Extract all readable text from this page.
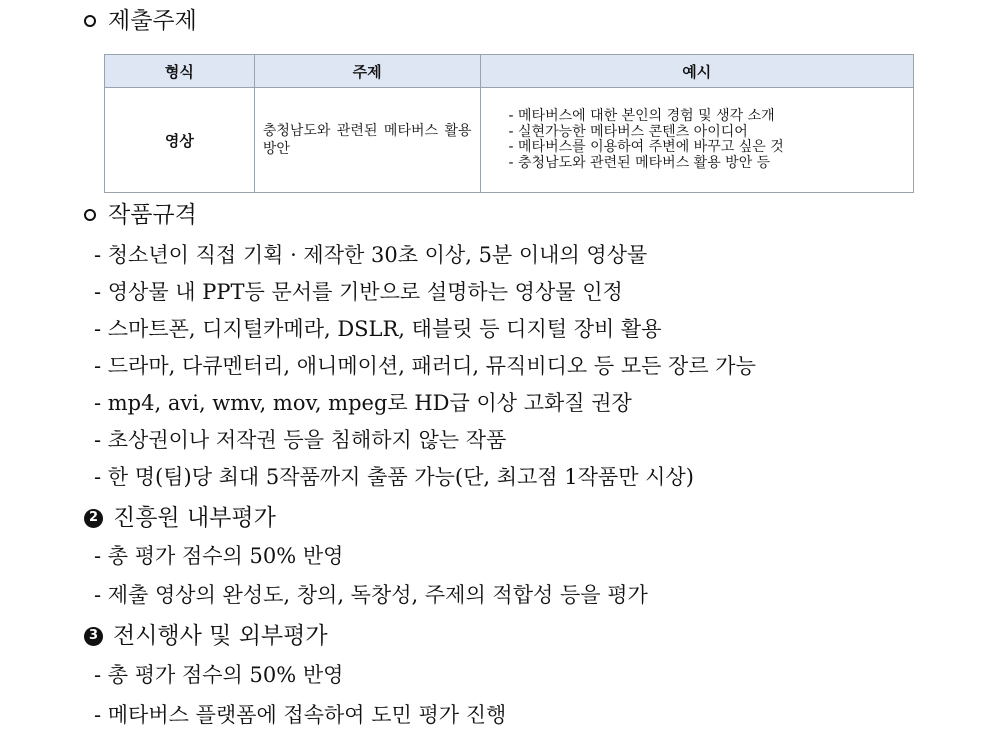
제출주제
형식	주제	예시
영상	충청남도와 관련된 메타버스 활용 방안	- 메타버스에 대한 본인의 경험 및 생각 소개
- 실현가능한 메타버스 콘텐츠 아이디어
- 메타버스를 이용하여 주변에 바꾸고 싶은 것
- 충청남도와 관련된 메타버스 활용 방안 등
작품규격
- 청소년이 직접 기획 · 제작한 30초 이상, 5분 이내의 영상물
- 영상물 내 PPT등 문서를 기반으로 설명하는 영상물 인정
- 스마트폰, 디지털카메라, DSLR, 태블릿 등 디지털 장비 활용
- 드라마, 다큐멘터리, 애니메이션, 패러디, 뮤직비디오 등 모든 장르 가능
- mp4, avi, wmv, mov, mpeg로 HD급 이상 고화질 권장
- 초상권이나 저작권 등을 침해하지 않는 작품
- 한 명(팀)당 최대 5작품까지 출품 가능(단, 최고점 1작품만 시상)
2 진흥원 내부평가
- 총 평가 점수의 50% 반영
- 제출 영상의 완성도, 창의, 독창성, 주제의 적합성 등을 평가
3 전시행사 및 외부평가
- 총 평가 점수의 50% 반영
- 메타버스 플랫폼에 접속하여 도민 평가 진행
